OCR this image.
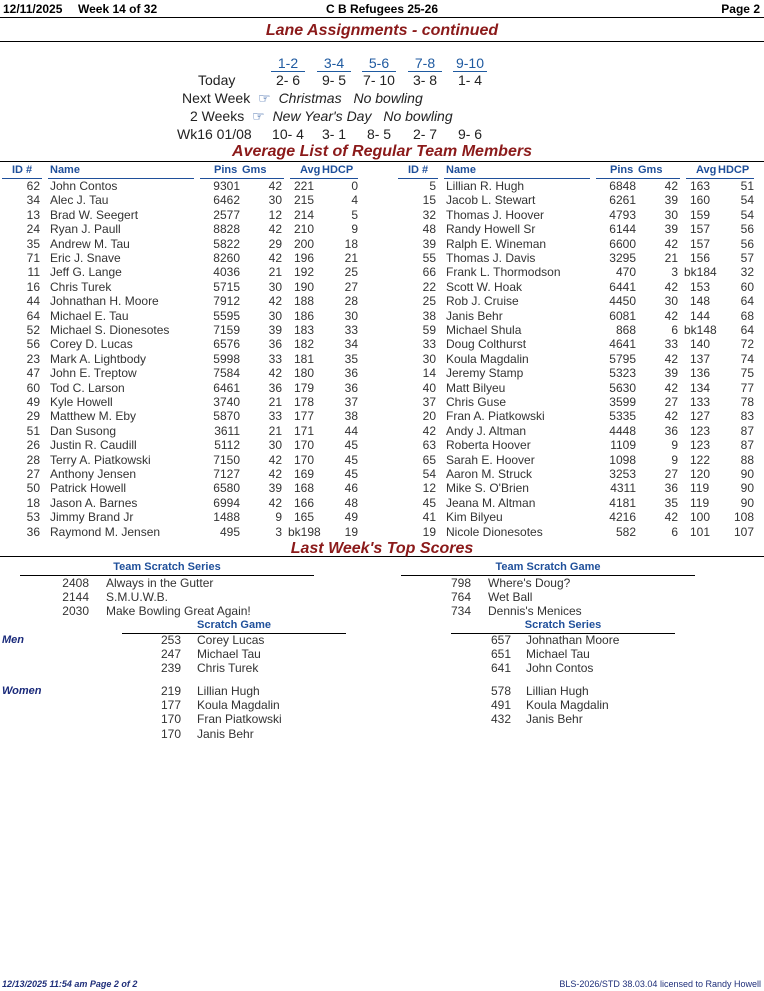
12/11/2025 Week 14 of 32	C B Refugees 25-26	Page 2
Lane Assignments - continued
1-2	3-4	5-6	7-8	9-10
Today	2- 6	9- 5	7- 10	3- 8	1- 4
Next Week ☞ Christmas No bowling
2 Weeks ☞ New Year's Day No bowling
Wk16 01/08 10- 4	3- 1	8- 5	2- 7	9- 6
Average List of Regular Team Members
ID # Name	Pins Gms	Avg HDCP	ID # Name	Pins Gms	Avg HDCP
62 John Contos	9301 42 221	0
34 Alec J. Tau	6462 30 215	4
13 Brad W. Seegert	2577 12 214	5
24 Ryan J. Paull	8828 42 210	9
35 Andrew M. Tau	5822 29 200	18
71 Eric J. Snave	8260 42 196	21
11 Jeff G. Lange	4036 21 192	25
16 Chris Turek	5715 30 190	27
44 Johnathan H. Moore	7912 42 188	28
64 Michael E. Tau	5595 30 186	30
52 Michael S. Dionesotes	7159 39 183	33
56 Corey D. Lucas	6576 36 182	34
23 Mark A. Lightbody	5998 33 181	35
47 John E. Treptow	7584 42 180	36
60 Tod C. Larson	6461 36 179	36
49 Kyle Howell	3740 21 178	37
29 Matthew M. Eby	5870 33 177	38
51 Dan Susong	3611 21 171	44
26 Justin R. Caudill	5112 30 170	45
28 Terry A. Piatkowski	7150 42 170	45
27 Anthony Jensen	7127 42 169	45
50 Patrick Howell	6580 39 168	46
18 Jason A. Barnes	6994 42 166	48
53 Jimmy Brand Jr	1488	9 165	49
36 Raymond M. Jensen	495	3 bk198 19
5 Lillian R. Hugh	6848 42 163	51
15 Jacob L. Stewart	6261 39 160	54
32 Thomas J. Hoover	4793 30 159	54
48 Randy Howell Sr	6144 39 157	56
39 Ralph E. Wineman	6600 42 157	56
55 Thomas J. Davis	3295 21 156	57
66 Frank L. Thormodson	470	3 bk184 32
22 Scott W. Hoak	6441 42 153	60
25 Rob J. Cruise	4450 30 148	64
38 Janis Behr	6081 42 144	68
59 Michael Shula	868	6 bk148 64
33 Doug Colthurst	4641 33 140	72
30 Koula Magdalin	5795 42 137	74
14 Jeremy Stamp	5323 39 136	75
40 Matt Bilyeu	5630 42 134	77
37 Chris Guse	3599 27 133	78
20 Fran A. Piatkowski	5335 42 127	83
42 Andy J. Altman	4448 36 123	87
63 Roberta Hoover	1109	9 123	87
65 Sarah E. Hoover	1098	9 122	88
54 Aaron M. Struck	3253 27 120	90
12 Mike S. O'Brien	4311 36 119	90
45 Jeana M. Altman	4181 35 119	90
41 Kim Bilyeu	4216 42 100 108
19 Nicole Dionesotes	582	6 101 107
Last Week's Top Scores
Team Scratch Series	Team Scratch Game
Scratch Game	Scratch Series
Men
Women
2408 Always in the Gutter
2144 S.M.U.W.B.
2030 Make Bowling Great Again!
798 Where's Doug?
764 Wet Ball
734 Dennis's Menices
253 Corey Lucas
247 Michael Tau
239 Chris Turek
657 Johnathan Moore
651 Michael Tau
641 John Contos
219 Lillian Hugh
177 Koula Magdalin
170 Fran Piatkowski
170 Janis Behr
578 Lillian Hugh
491 Koula Magdalin
432 Janis Behr
12/13/2025 11:54 am Page 2 of 2	BLS-2026/STD 38.03.04 licensed to Randy Howell
